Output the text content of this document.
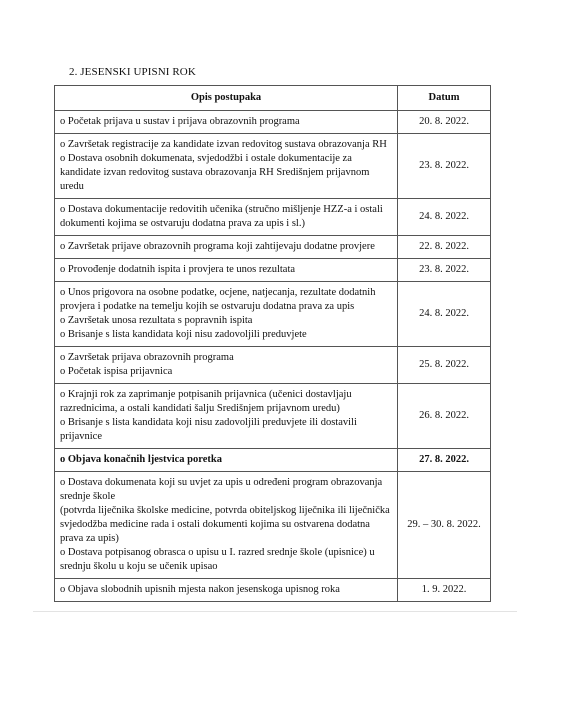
2. JESENSKI UPISNI ROK
Opis postupaka	Datum

o Početak prijava u sustav i prijava obrazovnih programa	20. 8. 2022.

o Završetak registracije za kandidate izvan redovitog sustava obrazovanja RH
o Dostava osobnih dokumenata, svjedodžbi i ostale dokumentacije za kandidate izvan redovitog sustava obrazovanja RH Središnjem prijavnom uredu	23. 8. 2022.

o Dostava dokumentacije redovitih učenika (stručno mišljenje HZZ-a i ostali dokumenti kojima se ostvaruju dodatna prava za upis i sl.)	24. 8. 2022.

o Završetak prijave obrazovnih programa koji zahtijevaju dodatne provjere	22. 8. 2022.

o Provođenje dodatnih ispita i provjera te unos rezultata	23. 8. 2022.

o Unos prigovora na osobne podatke, ocjene, natjecanja, rezultate dodatnih provjera i podatke na temelju kojih se ostvaruju dodatna prava za upis
o Završetak unosa rezultata s popravnih ispita
o Brisanje s lista kandidata koji nisu zadovoljili preduvjete	24. 8. 2022.

o Završetak prijava obrazovnih programa
o Početak ispisa prijavnica	25. 8. 2022.

o Krajnji rok za zaprimanje potpisanih prijavnica (učenici dostavljaju razrednicima, a ostali kandidati šalju Središnjem prijavnom uredu)
o Brisanje s lista kandidata koji nisu zadovoljili preduvjete ili dostavili prijavnice	26. 8. 2022.

o Objava konačnih ljestvica poretka	27. 8. 2022.

o Dostava dokumenata koji su uvjet za upis u određeni program obrazovanja srednje škole
(potvrda liječnika školske medicine, potvrda obiteljskog liječnika ili liječnička svjedodžba medicine rada i ostali dokumenti kojima su ostvarena dodatna prava za upis)
o Dostava potpisanog obrasca o upisu u I. razred srednje škole (upisnice) u srednju školu u koju se učenik upisao	29. – 30. 8. 2022.

o Objava slobodnih upisnih mjesta nakon jesenskoga upisnog roka	1. 9. 2022.
